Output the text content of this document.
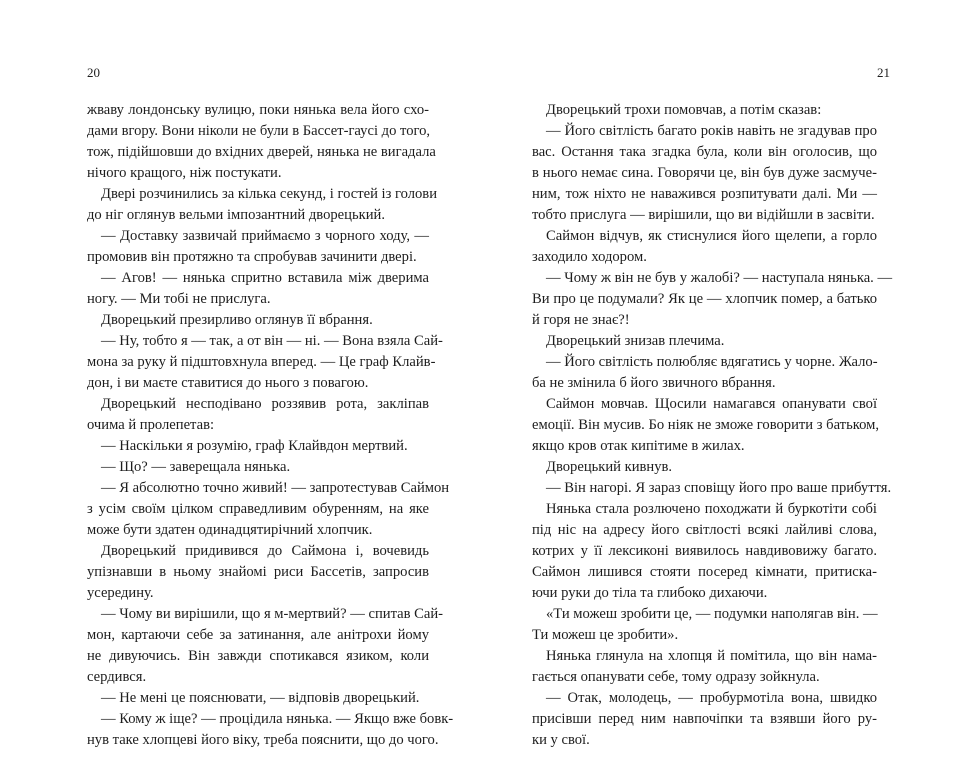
20
жваву лондонську вулицю, поки нянька вела його схо-
дами вгору. Вони ніколи не були в Бассет-гаусі до того,
тож, підійшовши до вхідних дверей, нянька не вигадала
нічого кращого, ніж постукати.
Двері розчинились за кілька секунд, і гостей із голови
до ніг оглянув вельми імпозантний дворецький.
— Доставку зазвичай приймаємо з чорного ходу, —
промовив він протяжно та спробував зачинити двері.
— Агов! — нянька спритно вставила між дверима
ногу. — Ми тобі не прислуга.
Дворецький презирливо оглянув її вбрання.
— Ну, тобто я — так, а от він — ні. — Вона взяла Сай-
мона за руку й підштовхнула вперед. — Це граф Клайв-
дон, і ви маєте ставитися до нього з повагою.
Дворецький несподівано роззявив рота, закліпав
очима й пролепетав:
— Наскільки я розумію, граф Клайвдон мертвий.
— Що? — заверещала нянька.
— Я абсолютно точно живий! — запротестував Саймон
з усім своїм цілком справедливим обуренням, на яке
може бути здатен одинадцятирічний хлопчик.
Дворецький придивився до Саймона і, вочевидь
упізнавши в ньому знайомі риси Бассетів, запросив
усередину.
— Чому ви вирішили, що я м-мертвий? — спитав Сай-
мон, картаючи себе за затинання, але анітрохи йому
не дивуючись. Він завжди спотикався язиком, коли
сердився.
— Не мені це пояснювати, — відповів дворецький.
— Кому ж іще? — процідила нянька. — Якщо вже бовк-
нув таке хлопцеві його віку, треба пояснити, що до чого.
21
Дворецький трохи помовчав, а потім сказав:
— Його світлість багато років навіть не згадував про
вас. Остання така згадка була, коли він оголосив, що
в нього немає сина. Говорячи це, він був дуже засмуче-
ним, тож ніхто не наважився розпитувати далі. Ми —
тобто прислуга — вирішили, що ви відійшли в засвіти.
Саймон відчув, як стиснулися його щелепи, а горло
заходило ходором.
— Чому ж він не був у жалобі? — наступала нянька. —
Ви про це подумали? Як це — хлопчик помер, а батько
й горя не знає?!
Дворецький знизав плечима.
— Його світлість полюбляє вдягатись у чорне. Жало-
ба не змінила б його звичного вбрання.
Саймон мовчав. Щосили намагався опанувати свої
емоції. Він мусив. Бо ніяк не зможе говорити з батьком,
якщо кров отак кипітиме в жилах.
Дворецький кивнув.
— Він нагорі. Я зараз сповіщу його про ваше прибуття.
Нянька стала розлючено походжати й буркотіти собі
під ніс на адресу його світлості всякі лайливі слова,
котрих у її лексиконі виявилось навдивовижу багато.
Саймон лишився стояти посеред кімнати, притиска-
ючи руки до тіла та глибоко дихаючи.
«Ти можеш зробити це, — подумки наполягав він. —
Ти можеш це зробити».
Нянька глянула на хлопця й помітила, що він нама-
гається опанувати себе, тому одразу зойкнула.
— Отак, молодець, — пробурмотіла вона, швидко
присівши перед ним навпочіпки та взявши його ру-
ки у свої.
